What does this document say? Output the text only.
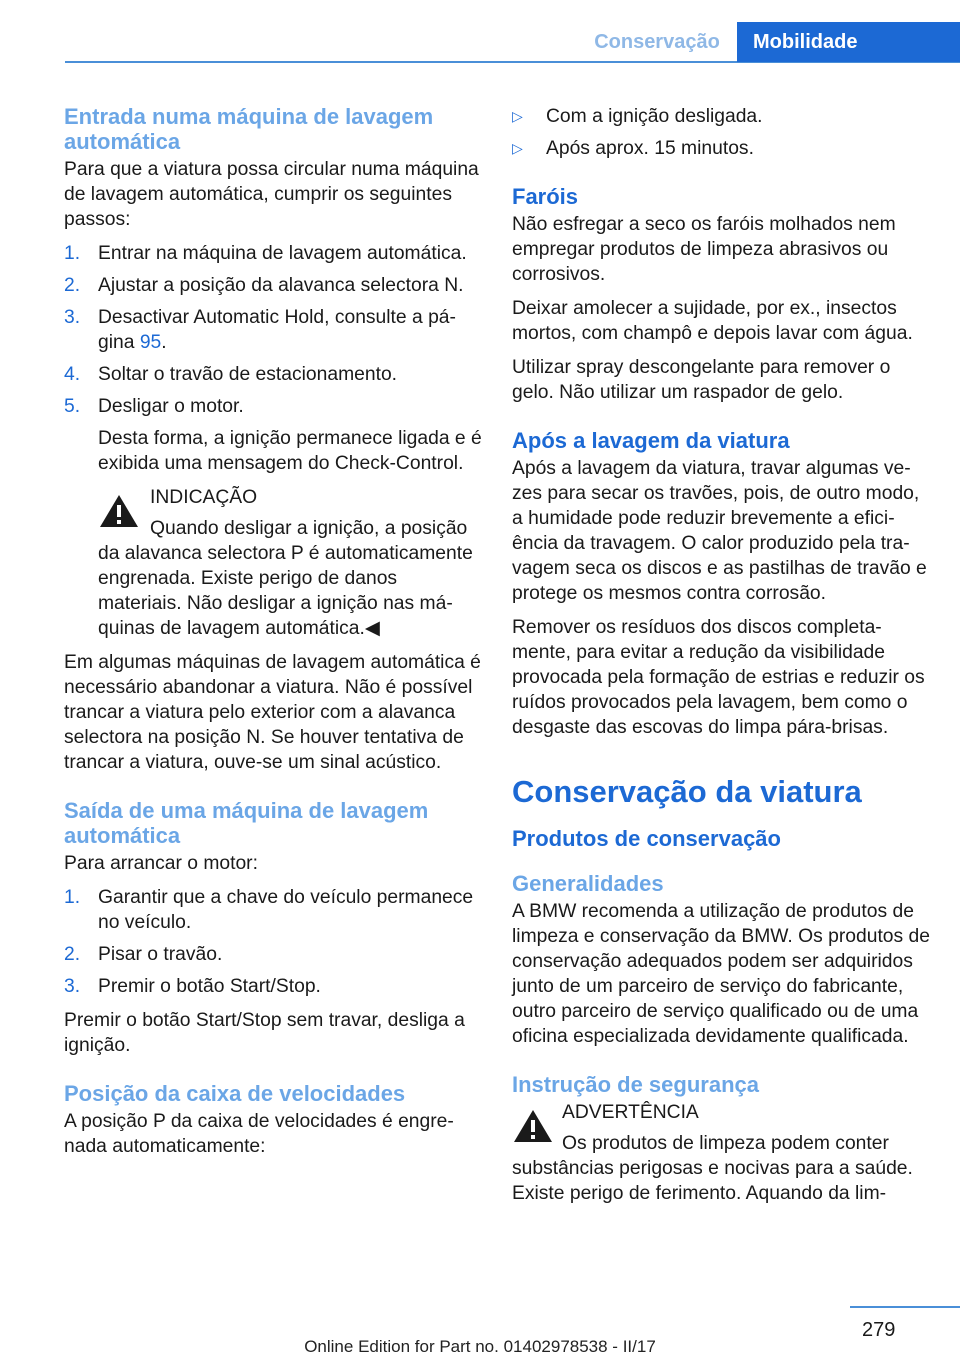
Conservação	Mobilidade
Entrada numa máquina de lavagem automática

Para que a viatura possa circular numa máquina de lavagem automática, cumprir os seguintes passos:

1. Entrar na máquina de lavagem automática.
2. Ajustar a posição da alavanca selectora N.
3. Desactivar Automatic Hold, consulte a página 95.
4. Soltar o travão de estacionamento.
5. Desligar o motor.
Desta forma, a ignição permanece ligada e é exibida uma mensagem do Check-Control.
INDICAÇÃO
Quando desligar a ignição, a posição
da alavanca selectora P é automaticamente engrenada. Existe perigo de danos materiais. Não desligar a ignição nas máquinas de lavagem automática.◀

Em algumas máquinas de lavagem automática é necessário abandonar a viatura. Não é possível trancar a viatura pelo exterior com a alavanca selectora na posição N. Se houver tentativa de trancar a viatura, ouve-se um sinal acústico.

Saída de uma máquina de lavagem automática

Para arrancar o motor:

1. Garantir que a chave do veículo permanece no veículo.
2. Pisar o travão.
3. Premir o botão Start/Stop.

Premir o botão Start/Stop sem travar, desliga a ignição.

Posição da caixa de velocidades

A posição P da caixa de velocidades é engrenada automaticamente:

▷	Com a ignição desligada.
▷	Após aprox. 15 minutos.
Faróis

Não esfregar a seco os faróis molhados nem empregar produtos de limpeza abrasivos ou corrosivos.

Deixar amolecer a sujidade, por ex., insectos mortos, com champô e depois lavar com água.

Utilizar spray descongelante para remover o gelo. Não utilizar um raspador de gelo.

Após a lavagem da viatura

Após a lavagem da viatura, travar algumas vezes para secar os travões, pois, de outro modo, a humidade pode reduzir brevemente a eficiência da travagem. O calor produzido pela travagem seca os discos e as pastilhas de travão e protege os mesmos contra corrosão.

Remover os resíduos dos discos completamente, para evitar a redução da visibilidade provocada pela formação de estrias e reduzir os ruídos provocados pela lavagem, bem como o desgaste das escovas do limpa pára-brisas.

Conservação da viatura
Produtos de conservação
Generalidades

A BMW recomenda a utilização de produtos de limpeza e conservação da BMW. Os produtos de conservação adequados podem ser adquiridos junto de um parceiro de serviço do fabricante, outro parceiro de serviço qualificado ou de uma oficina especializada devidamente qualificada.

Instrução de segurança
ADVERTÊNCIA
Os produtos de limpeza podem conter
substâncias perigosas e nocivas para a saúde. Existe perigo de ferimento. Aquando da lim-
279
Online Edition for Part no. 01402978538 - II/17
